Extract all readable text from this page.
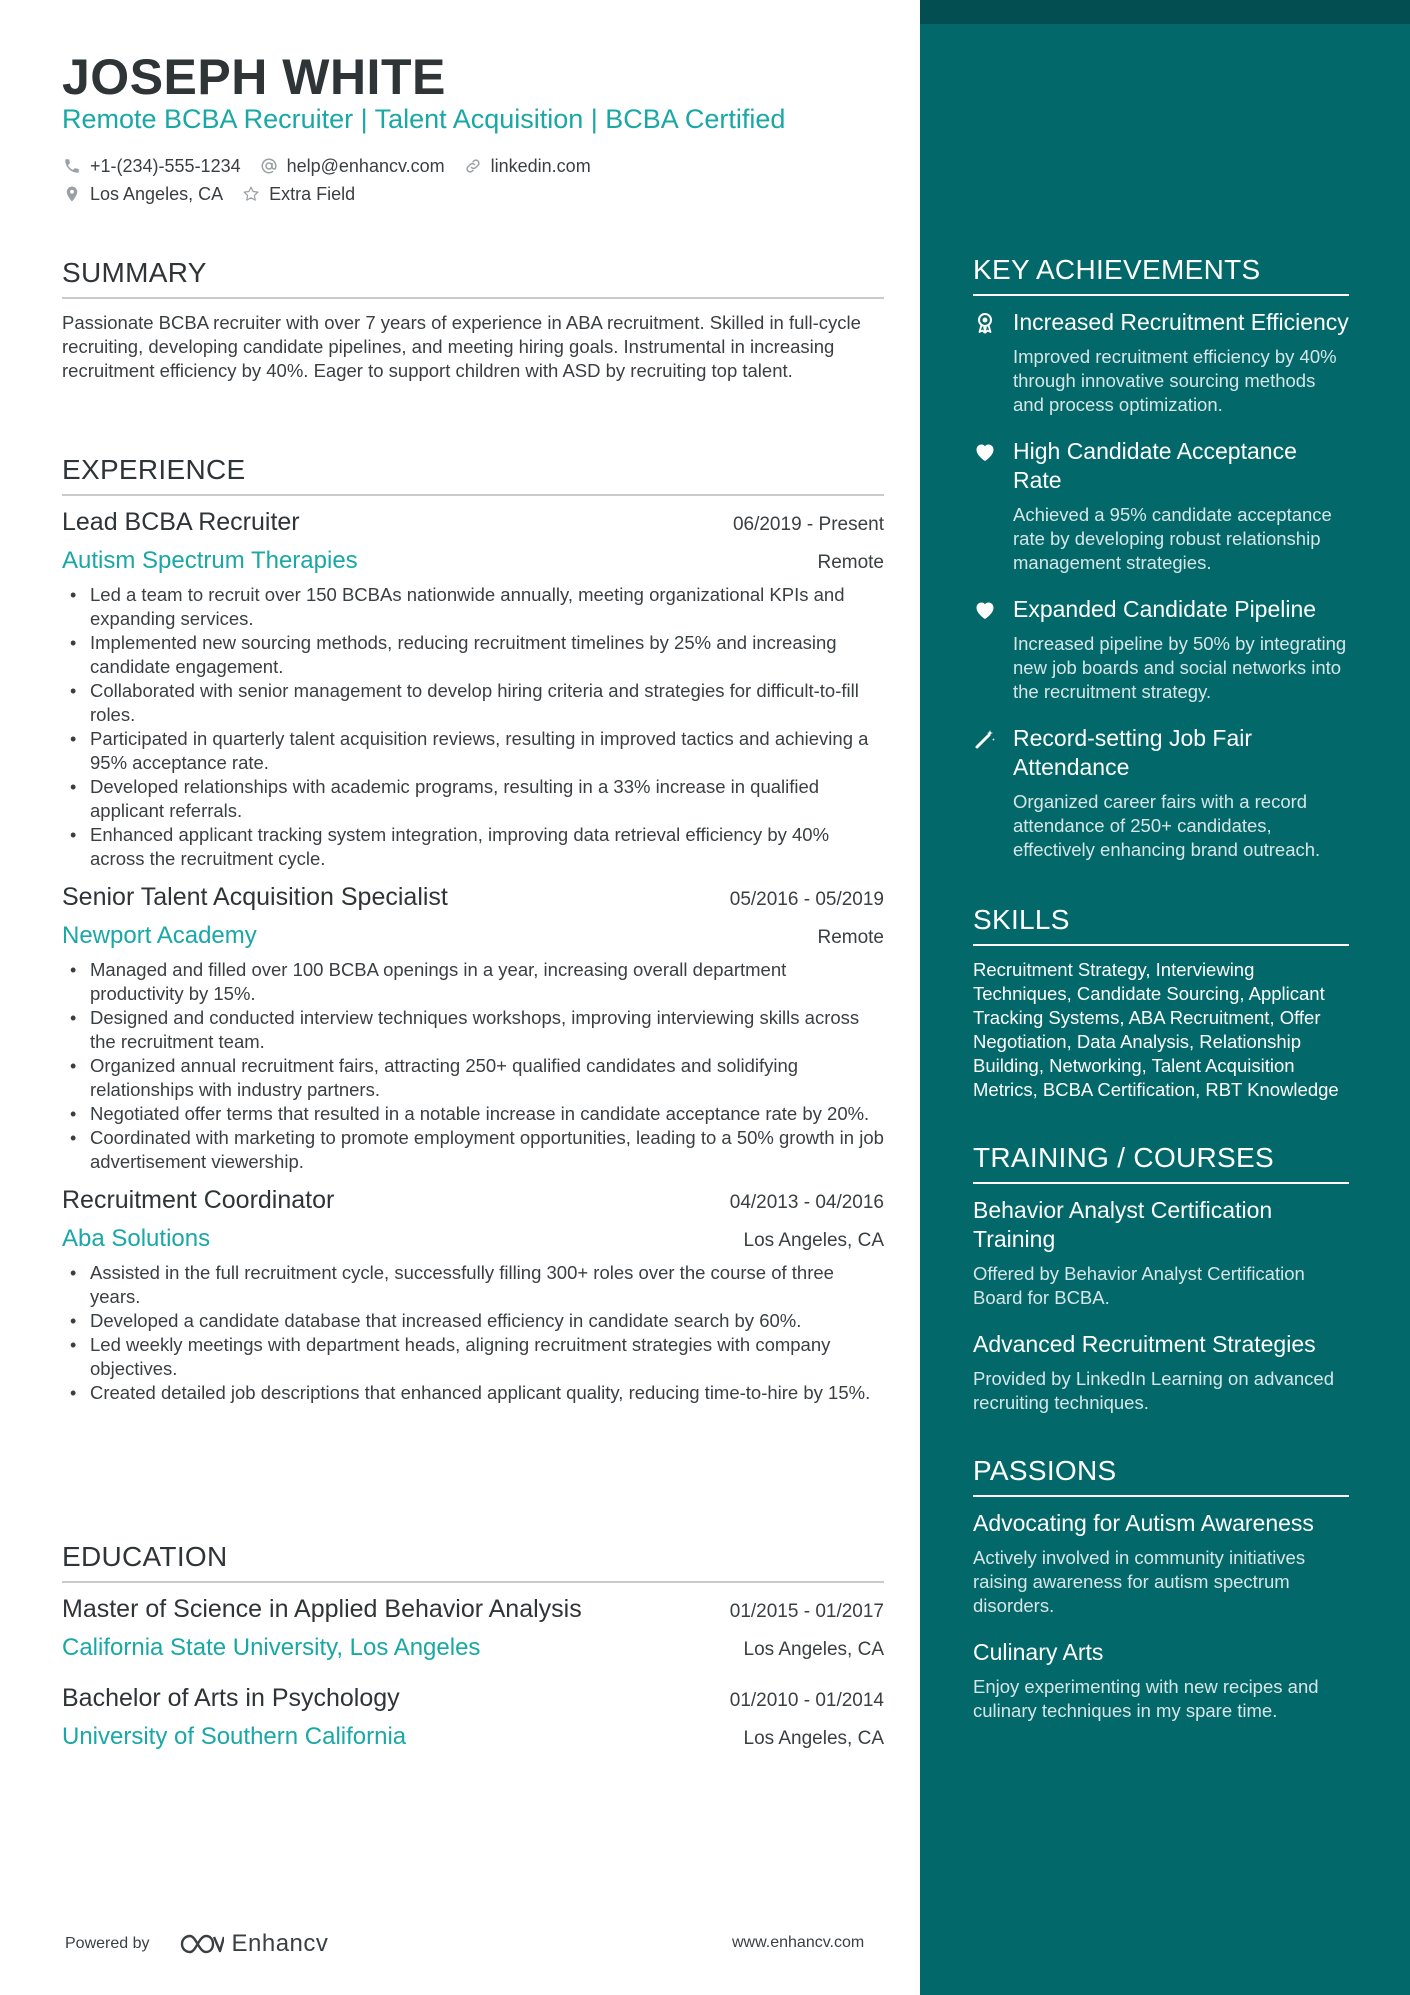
JOSEPH WHITE
Remote BCBA Recruiter | Talent Acquisition | BCBA Certified
+1-(234)-555-1234	help@enhancv.com	linkedin.com
Los Angeles, CA	Extra Field
SUMMARY
Passionate BCBA recruiter with over 7 years of experience in ABA recruitment. Skilled in full-cycle recruiting, developing candidate pipelines, and meeting hiring goals. Instrumental in increasing recruitment efficiency by 40%. Eager to support children with ASD by recruiting top talent.
EXPERIENCE
Lead BCBA Recruiter	06/2019 - Present
Autism Spectrum Therapies	Remote
• Led a team to recruit over 150 BCBAs nationwide annually, meeting organizational KPIs and expanding services.
• Implemented new sourcing methods, reducing recruitment timelines by 25% and increasing candidate engagement.
• Collaborated with senior management to develop hiring criteria and strategies for difficult-to-fill roles.
• Participated in quarterly talent acquisition reviews, resulting in improved tactics and achieving a 95% acceptance rate.
• Developed relationships with academic programs, resulting in a 33% increase in qualified applicant referrals.
• Enhanced applicant tracking system integration, improving data retrieval efficiency by 40% across the recruitment cycle.
Senior Talent Acquisition Specialist	05/2016 - 05/2019
Newport Academy	Remote
• Managed and filled over 100 BCBA openings in a year, increasing overall department productivity by 15%.
• Designed and conducted interview techniques workshops, improving interviewing skills across the recruitment team.
• Organized annual recruitment fairs, attracting 250+ qualified candidates and solidifying relationships with industry partners.
• Negotiated offer terms that resulted in a notable increase in candidate acceptance rate by 20%.
• Coordinated with marketing to promote employment opportunities, leading to a 50% growth in job advertisement viewership.
Recruitment Coordinator	04/2013 - 04/2016
Aba Solutions	Los Angeles, CA
• Assisted in the full recruitment cycle, successfully filling 300+ roles over the course of three years.
• Developed a candidate database that increased efficiency in candidate search by 60%.
• Led weekly meetings with department heads, aligning recruitment strategies with company objectives.
• Created detailed job descriptions that enhanced applicant quality, reducing time-to-hire by 15%.
EDUCATION
Master of Science in Applied Behavior Analysis	01/2015 - 01/2017
California State University, Los Angeles	Los Angeles, CA
Bachelor of Arts in Psychology	01/2010 - 01/2014
University of Southern California	Los Angeles, CA
Powered by	Enhancv	www.enhancv.com
KEY ACHIEVEMENTS
Increased Recruitment Efficiency
Improved recruitment efficiency by 40% through innovative sourcing methods and process optimization.
High Candidate Acceptance Rate
Achieved a 95% candidate acceptance rate by developing robust relationship management strategies.
Expanded Candidate Pipeline
Increased pipeline by 50% by integrating new job boards and social networks into the recruitment strategy.
Record-setting Job Fair Attendance
Organized career fairs with a record attendance of 250+ candidates, effectively enhancing brand outreach.
SKILLS
Recruitment Strategy, Interviewing Techniques, Candidate Sourcing, Applicant Tracking Systems, ABA Recruitment, Offer Negotiation, Data Analysis, Relationship Building, Networking, Talent Acquisition Metrics, BCBA Certification, RBT Knowledge
TRAINING / COURSES
Behavior Analyst Certification Training
Offered by Behavior Analyst Certification Board for BCBA.
Advanced Recruitment Strategies
Provided by LinkedIn Learning on advanced recruiting techniques.
PASSIONS
Advocating for Autism Awareness
Actively involved in community initiatives raising awareness for autism spectrum disorders.
Culinary Arts
Enjoy experimenting with new recipes and culinary techniques in my spare time.
